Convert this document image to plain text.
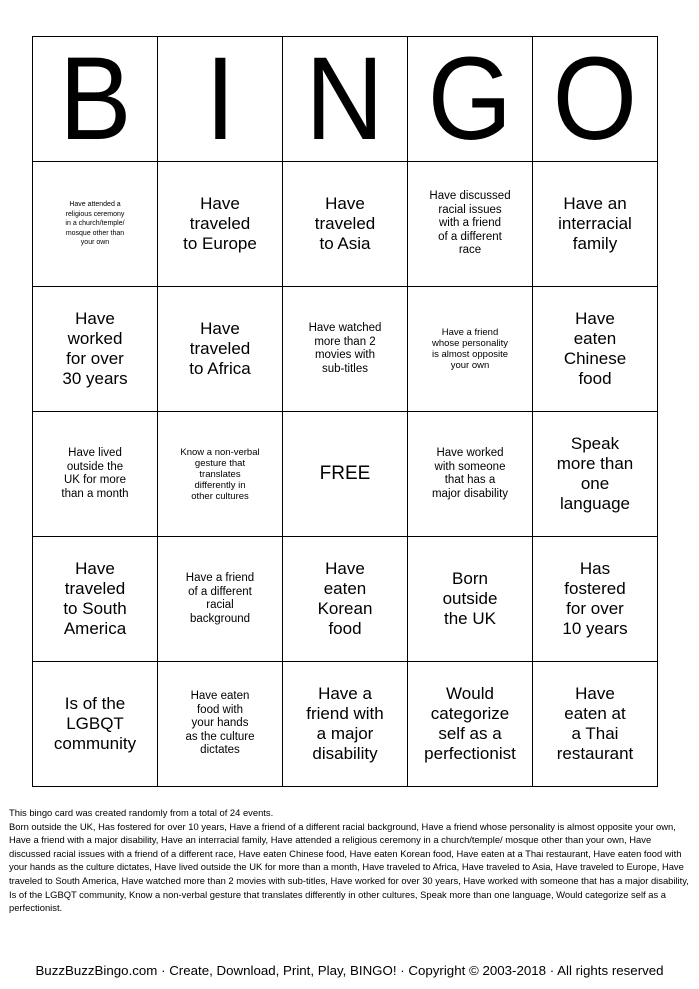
B	I	N	G	O

Have attended a
religious ceremony
in a church/temple/
mosque other than
your own	Have
traveled
to Europe	Have
traveled
to Asia	Have discussed
racial issues
with a friend
of a different
race	Have an
interracial
family

Have
worked
for over
30 years	Have
traveled
to Africa	Have watched
more than 2
movies with
sub-titles	Have a friend
whose personality
is almost opposite
your own	Have
eaten
Chinese
food

Have lived
outside the
UK for more
than a month	Know a non-verbal
gesture that
translates
differently in
other cultures	FREE	Have worked
with someone
that has a
major disability	Speak
more than
one
language

Have
traveled
to South
America	Have a friend
of a different
racial
background	Have
eaten
Korean
food	Born
outside
the UK	Has
fostered
for over
10 years

Is of the
LGBQT
community	Have eaten
food with
your hands
as the culture
dictates	Have a
friend with
a major
disability	Would
categorize
self as a
perfectionist	Have
eaten at
a Thai
restaurant

This bingo card was created randomly from a total of 24 events.

Born outside the UK, Has fostered for over 10 years, Have a friend of a different racial background, Have a friend whose personality is almost opposite your own, Have a friend with a major disability, Have an interracial family, Have attended a religious ceremony in a church/temple/ mosque other than your own, Have discussed racial issues with a friend of a different race, Have eaten Chinese food, Have eaten Korean food, Have eaten at a Thai restaurant, Have eaten food with your hands as the culture dictates, Have lived outside the UK for more than a month, Have traveled to Africa, Have traveled to Asia, Have traveled to Europe, Have traveled to South America, Have watched more than 2 movies with sub-titles, Have worked for over 30 years, Have worked with someone that has a major disability, Is of the LGBQT community, Know a non-verbal gesture that translates differently in other cultures, Speak more than one language, Would categorize self as a perfectionist.

BuzzBuzzBingo.com · Create, Download, Print, Play, BINGO! · Copyright © 2003-2018 · All rights reserved
